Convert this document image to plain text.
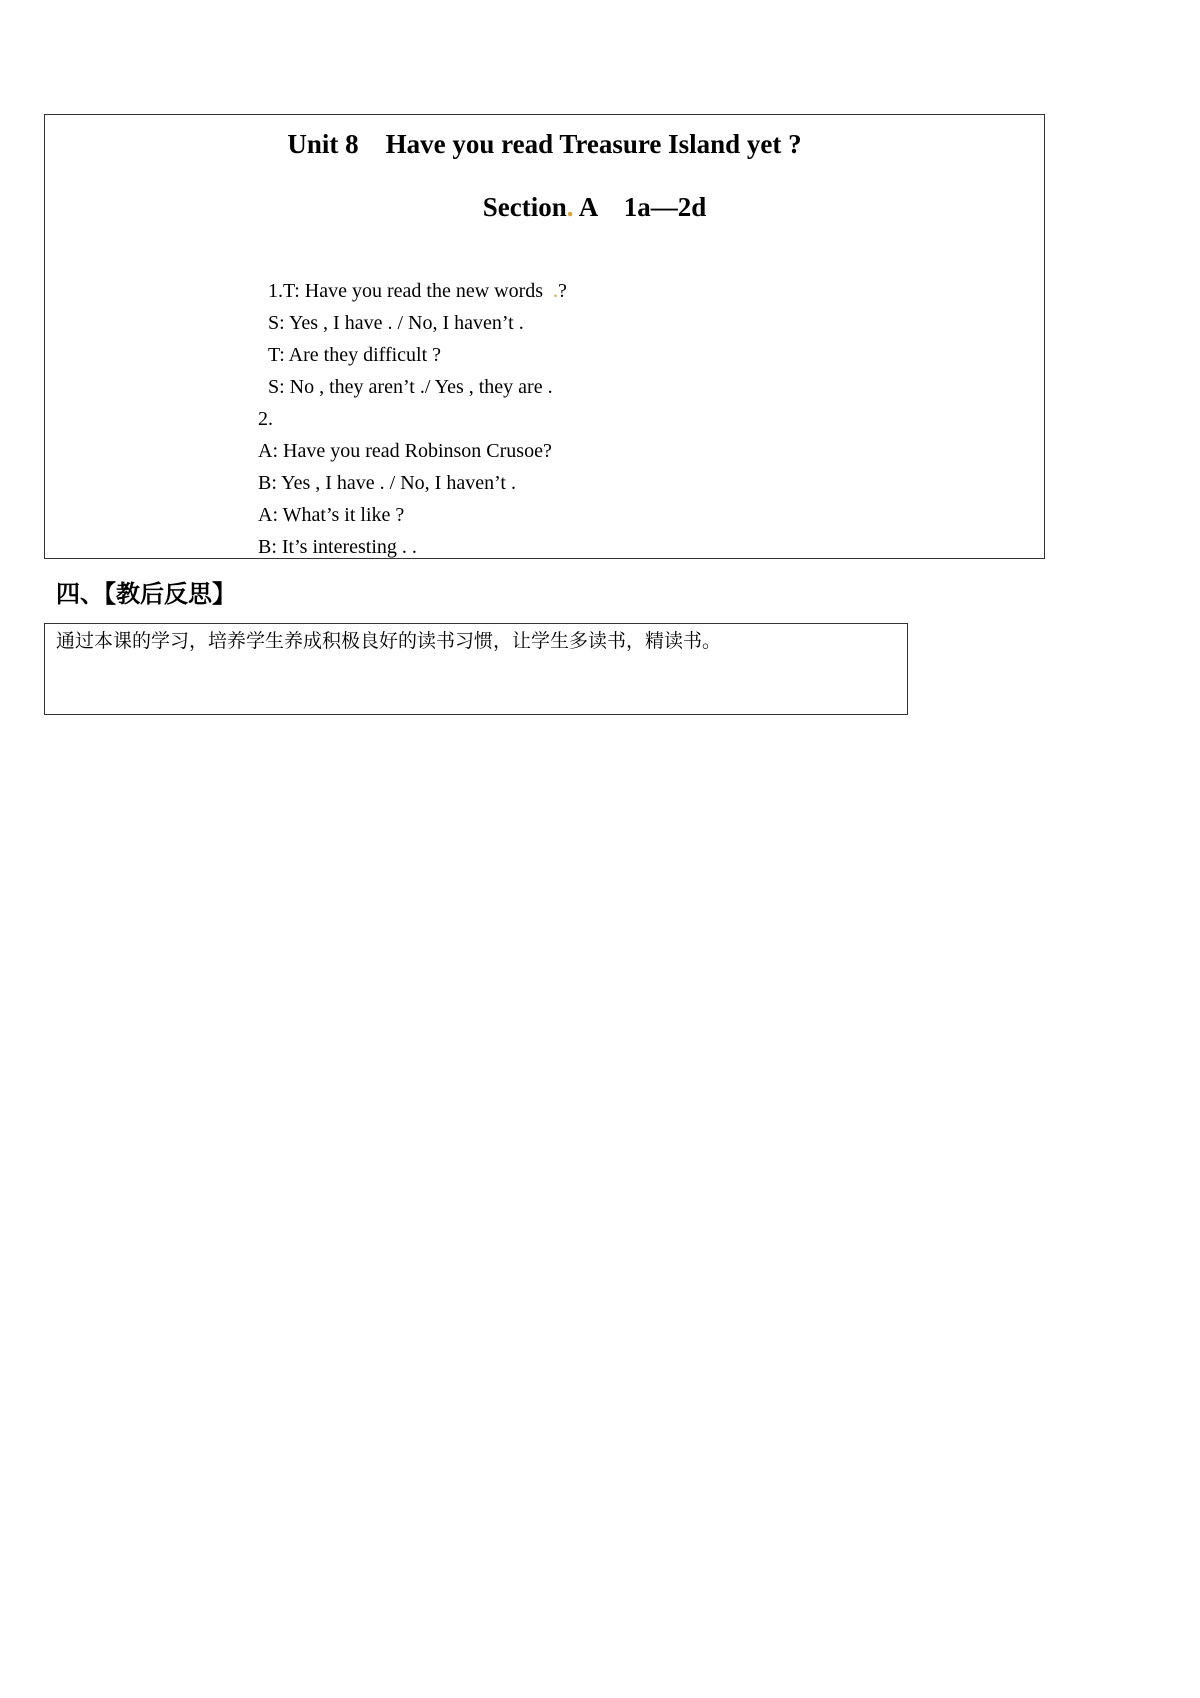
Unit 8    Have you read Treasure Island yet ?
Section. A    1a—2d
1.T: Have you read the new words  .?
S: Yes , I have . / No, I haven’t .
T: Are they difficult ?
S: No , they aren’t ./ Yes , they are .
2.
A: Have you read Robinson Crusoe?
B: Yes , I have . / No, I haven’t .
A: What’s it like ?
B: It’s interesting . .
四、【教后反思】
通过本课的学习，培养学生养成积极良好的读书习惯，让学生多读书，精读书。
